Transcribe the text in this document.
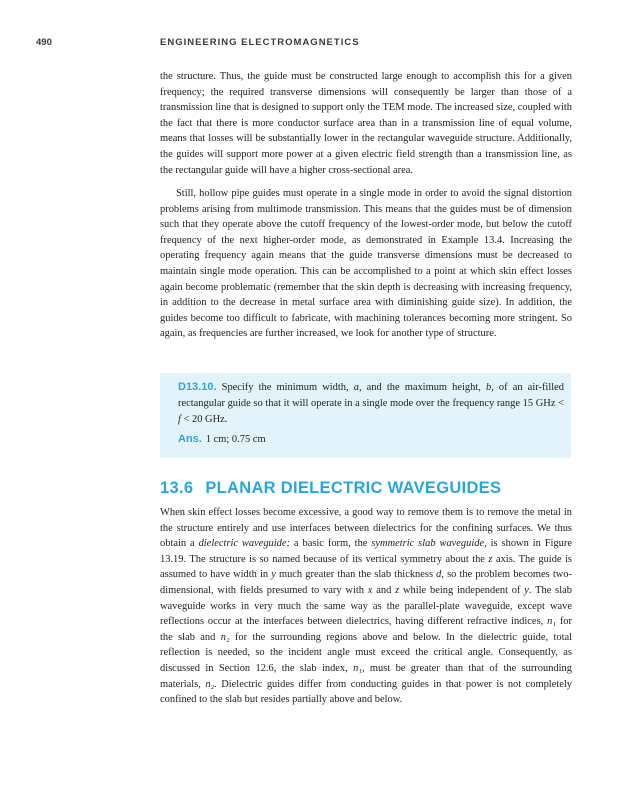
490	ENGINEERING ELECTROMAGNETICS

the structure. Thus, the guide must be constructed large enough to accomplish this for a given frequency; the required transverse dimensions will consequently be larger than those of a transmission line that is designed to support only the TEM mode. The increased size, coupled with the fact that there is more conductor surface area than in a transmission line of equal volume, means that losses will be substantially lower in the rectangular waveguide structure. Additionally, the guides will support more power at a given electric field strength than a transmission line, as the rectangular guide will have a higher cross-sectional area.

Still, hollow pipe guides must operate in a single mode in order to avoid the signal distortion problems arising from multimode transmission. This means that the guides must be of dimension such that they operate above the cutoff frequency of the lowest-order mode, but below the cutoff frequency of the next higher-order mode, as demonstrated in Example 13.4. Increasing the operating frequency again means that the guide transverse dimensions must be decreased to maintain single mode operation. This can be accomplished to a point at which skin effect losses again become problematic (remember that the skin depth is decreasing with increasing frequency, in addition to the decrease in metal surface area with diminishing guide size). In addition, the guides become too difficult to fabricate, with machining tolerances becoming more stringent. So again, as frequencies are further increased, we look for another type of structure.

D13.10. Specify the minimum width, a, and the maximum height, b, of an air-filled rectangular guide so that it will operate in a single mode over the frequency range 15 GHz < f < 20 GHz.

Ans. 1 cm; 0.75 cm

13.6 PLANAR DIELECTRIC WAVEGUIDES

When skin effect losses become excessive, a good way to remove them is to remove the metal in the structure entirely and use interfaces between dielectrics for the confining surfaces. We thus obtain a dielectric waveguide; a basic form, the symmetric slab waveguide, is shown in Figure 13.19. The structure is so named because of its vertical symmetry about the z axis. The guide is assumed to have width in y much greater than the slab thickness d, so the problem becomes two-dimensional, with fields presumed to vary with x and z while being independent of y. The slab waveguide works in very much the same way as the parallel-plate waveguide, except wave reflections occur at the interfaces between dielectrics, having different refractive indices, n₁ for the slab and n₂ for the surrounding regions above and below. In the dielectric guide, total reflection is needed, so the incident angle must exceed the critical angle. Consequently, as discussed in Section 12.6, the slab index, n₁, must be greater than that of the surrounding materials, n₂. Dielectric guides differ from conducting guides in that power is not completely confined to the slab but resides partially above and below.
